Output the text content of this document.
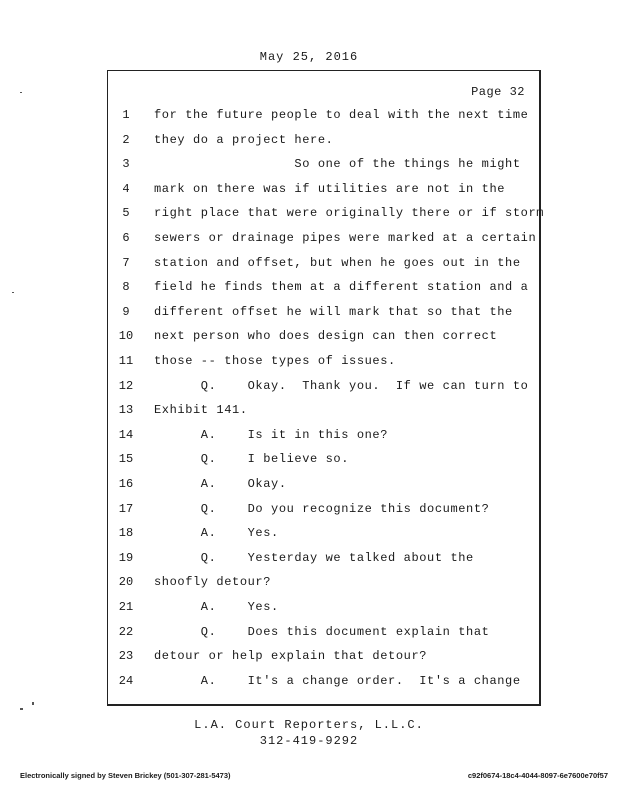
May 25, 2016
Page 32
1	for the future people to deal with the next time
2	they do a project here.
3	So one of the things he might
4	mark on there was if utilities are not in the
5	right place that were originally there or if storm
6	sewers or drainage pipes were marked at a certain
7	station and offset, but when he goes out in the
8	field he finds them at a different station and a
9	different offset he will mark that so that the
10	next person who does design can then correct
11	those -- those types of issues.
12	Q.    Okay.  Thank you.  If we can turn to
13	Exhibit 141.
14	A.    Is it in this one?
15	Q.    I believe so.
16	A.    Okay.
17	Q.    Do you recognize this document?
18	A.    Yes.
19	Q.    Yesterday we talked about the
20	shoofly detour?
21	A.    Yes.
22	Q.    Does this document explain that
23	detour or help explain that detour?
24	A.    It's a change order.  It's a change
L.A. Court Reporters, L.L.C.
312-419-9292
Electronically signed by Steven Brickey (501-307-281-5473)	c92f0674-18c4-4044-8097-6e7600e70f57
